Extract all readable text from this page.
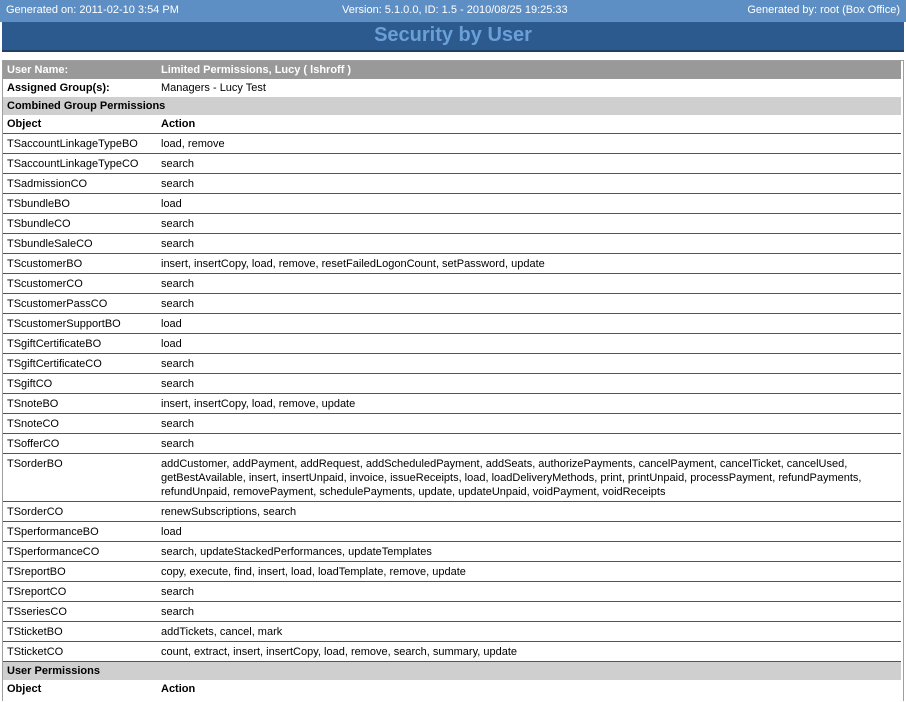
Generated on: 2011-02-10 3:54 PM	Version: 5.1.0.0, ID: 1.5 - 2010/08/25 19:25:33	Generated by: root (Box Office)
Security by User
User Name:	Limited Permissions, Lucy ( lshroff )
Assigned Group(s):	Managers - Lucy Test
Combined Group Permissions	
Object	Action
TSaccountLinkageTypeBO	load, remove
TSaccountLinkageTypeCO	search
TSadmissionCO	search
TSbundleBO	load
TSbundleCO	search
TSbundleSaleCO	search
TScustomerBO	insert, insertCopy, load, remove, resetFailedLogonCount, setPassword, update
TScustomerCO	search
TScustomerPassCO	search
TScustomerSupportBO	load
TSgiftCertificateBO	load
TSgiftCertificateCO	search
TSgiftCO	search
TSnoteBO	insert, insertCopy, load, remove, update
TSnoteCO	search
TSofferCO	search
TSorderBO	addCustomer, addPayment, addRequest, addScheduledPayment, addSeats, authorizePayments, cancelPayment, cancelTicket, cancelUsed, getBestAvailable, insert, insertUnpaid, invoice, issueReceipts, load, loadDeliveryMethods, print, printUnpaid, processPayment, refundPayments, refundUnpaid, removePayment, schedulePayments, update, updateUnpaid, voidPayment, voidReceipts
TSorderCO	renewSubscriptions, search
TSperformanceBO	load
TSperformanceCO	search, updateStackedPerformances, updateTemplates
TSreportBO	copy, execute, find, insert, load, loadTemplate, remove, update
TSreportCO	search
TSseriesCO	search
TSticketBO	addTickets, cancel, mark
TSticketCO	count, extract, insert, insertCopy, load, remove, search, summary, update
User Permissions	
Object	Action
